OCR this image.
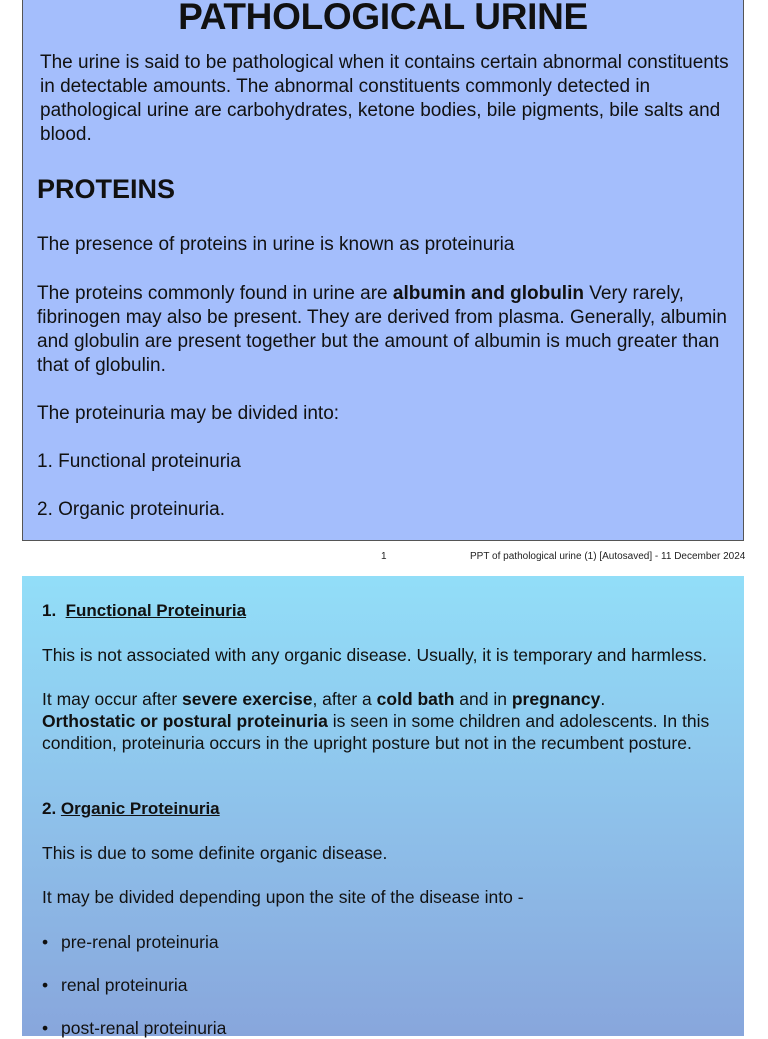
PATHOLOGICAL URINE

The urine is said to be pathological when it contains certain abnormal constituents in detectable amounts. The abnormal constituents commonly detected in pathological urine are carbohydrates, ketone bodies, bile pigments, bile salts and blood.

PROTEINS

The presence of proteins in urine is known as proteinuria

The proteins commonly found in urine are albumin and globulin Very rarely, fibrinogen may also be present. They are derived from plasma. Generally, albumin and globulin are present together but the amount of albumin is much greater than that of globulin.

The proteinuria may be divided into:

1. Functional proteinuria

2. Organic proteinuria.

1	PPT of pathological urine (1) [Autosaved] - 11 December 2024
1. Functional Proteinuria

This is not associated with any organic disease. Usually, it is temporary and harmless.

It may occur after severe exercise, after a cold bath and in pregnancy.

Orthostatic or postural proteinuria is seen in some children and adolescents. In this condition, proteinuria occurs in the upright posture but not in the recumbent posture.

2. Organic Proteinuria

This is due to some definite organic disease.

It may be divided depending upon the site of the disease into -

• pre-renal proteinuria

• renal proteinuria

• post-renal proteinuria
